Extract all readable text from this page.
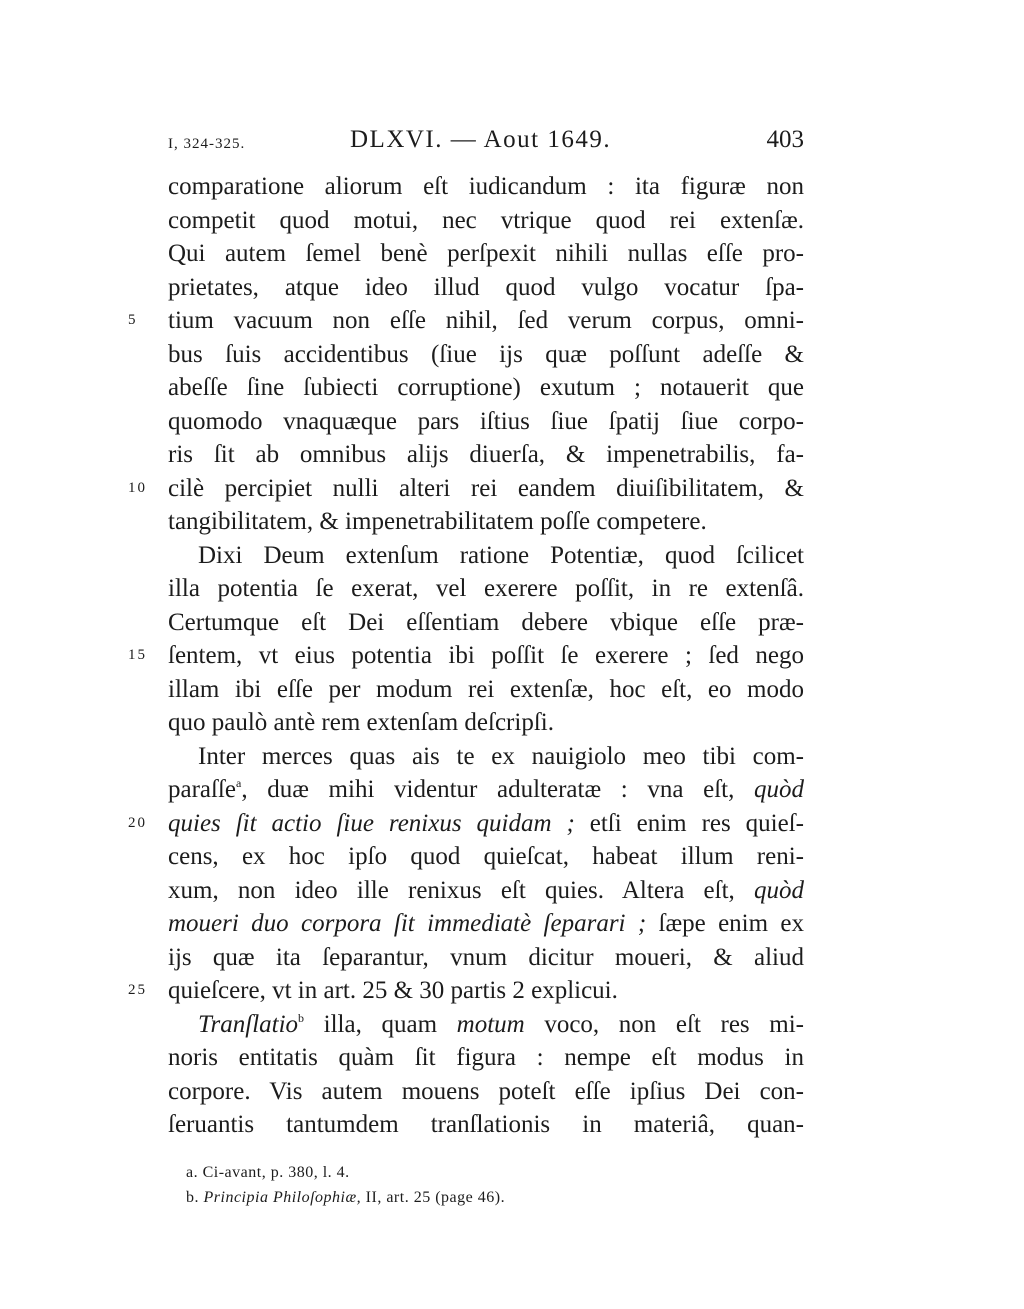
I, 324-325.	DLXVI. — Aout 1649.	403
comparatione aliorum eſt iudicandum : ita figuræ non
competit quod motui, nec vtrique quod rei extenſæ.
Qui autem ſemel benè perſpexit nihili nullas eſſe pro-
prietates, atque ideo illud quod vulgo vocatur ſpa-
5	tium vacuum non eſſe nihil, ſed verum corpus, omni-
bus ſuis accidentibus (ſiue ijs quæ poſſunt adeſſe &
abeſſe ſine ſubiecti corruptione) exutum ; notauerit que
quomodo vnaquæque pars iſtius ſiue ſpatij ſiue corpo-
ris ſit ab omnibus alijs diuerſa, & impenetrabilis, fa-
10 cilè percipiet nulli alteri rei eandem diuiſibilitatem, &
tangibilitatem, & impenetrabilitatem poſſe competere.
Dixi Deum extenſum ratione Potentiæ, quod ſcilicet
illa potentia ſe exerat, vel exerere poſſit, in re extenſâ.
Certumque eſt Dei eſſentiam debere vbique eſſe præ-
15 ſentem, vt eius potentia ibi poſſit ſe exerere ; ſed nego
illam ibi eſſe per modum rei extenſæ, hoc eſt, eo modo
quo paulò antè rem extenſam deſcripſi.
Inter merces quas ais te ex nauigiolo meo tibi com-
paraſſe$^a$, duæ mihi videntur adulteratæ : vna eſt, quòd
20 quies ſit actio ſiue renixus quidam ; etſi enim res quieſ-
cens, ex hoc ipſo quod quieſcat, habeat illum reni-
xum, non ideo ille renixus eſt quies. Altera eſt, quòd
moueri duo corpora ſit immediatè ſeparari ; ſæpe enim ex
ijs quæ ita ſeparantur, vnum dicitur moueri, & aliud
25 quieſcere, vt in art. 25 & 30 partis 2 explicui.
Tranſlatio$^b$ illa, quam motum voco, non eſt res mi-
noris entitatis quàm ſit figura : nempe eſt modus in
corpore. Vis autem mouens poteſt eſſe ipſius Dei con-
ſeruantis tantumdem tranſlationis in materiâ, quan-
a. Ci-avant, p. 380, l. 4.
b. Principia Philoſophiæ, II, art. 25 (page 46).
